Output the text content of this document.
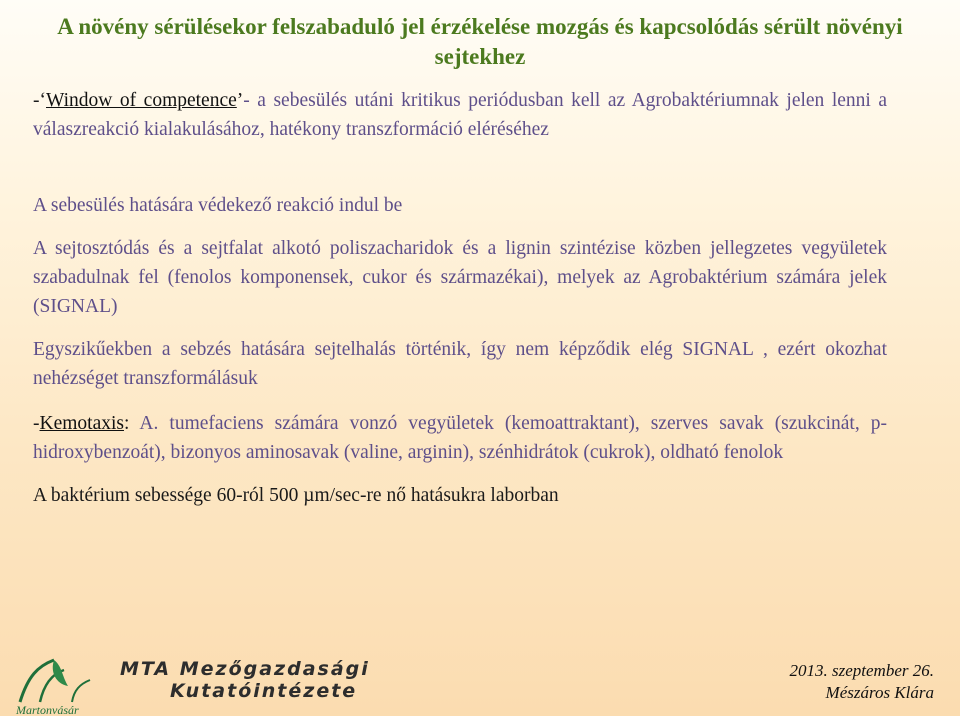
A növény sérülésekor felszabaduló jel érzékelése mozgás és kapcsolódás sérült növényi sejtekhez

-‘Window of competence’- a sebesülés utáni kritikus periódusban kell az Agrobaktériumnak jelen lenni a válaszreakció kialakulásához, hatékony transzformáció eléréséhez

A sebesülés hatására védekező reakció indul be

A sejtosztódás és a sejtfalat alkotó poliszacharidok és a lignin szintézise közben jellegzetes vegyületek szabadulnak fel (fenolos komponensek, cukor és származékai), melyek az Agrobaktérium számára jelek (SIGNAL)

Egyszikűekben a sebzés hatására sejtelhalás történik, így nem képződik elég SIGNAL , ezért okozhat nehézséget transzformálásuk

-Kemotaxis: A. tumefaciens számára vonzó vegyületek (kemoattraktant), szerves savak (szukcinát, p-hidroxybenzoát), bizonyos aminosavak (valine, arginin), szénhidrátok (cukrok), oldható fenolok

A baktérium sebessége 60-ról 500 µm/sec-re nő hatásukra laborban

Martonvásár
MTA Mezőgazdasági
Kutatóintézete
2013. szeptember 26.
Mészáros Klára
